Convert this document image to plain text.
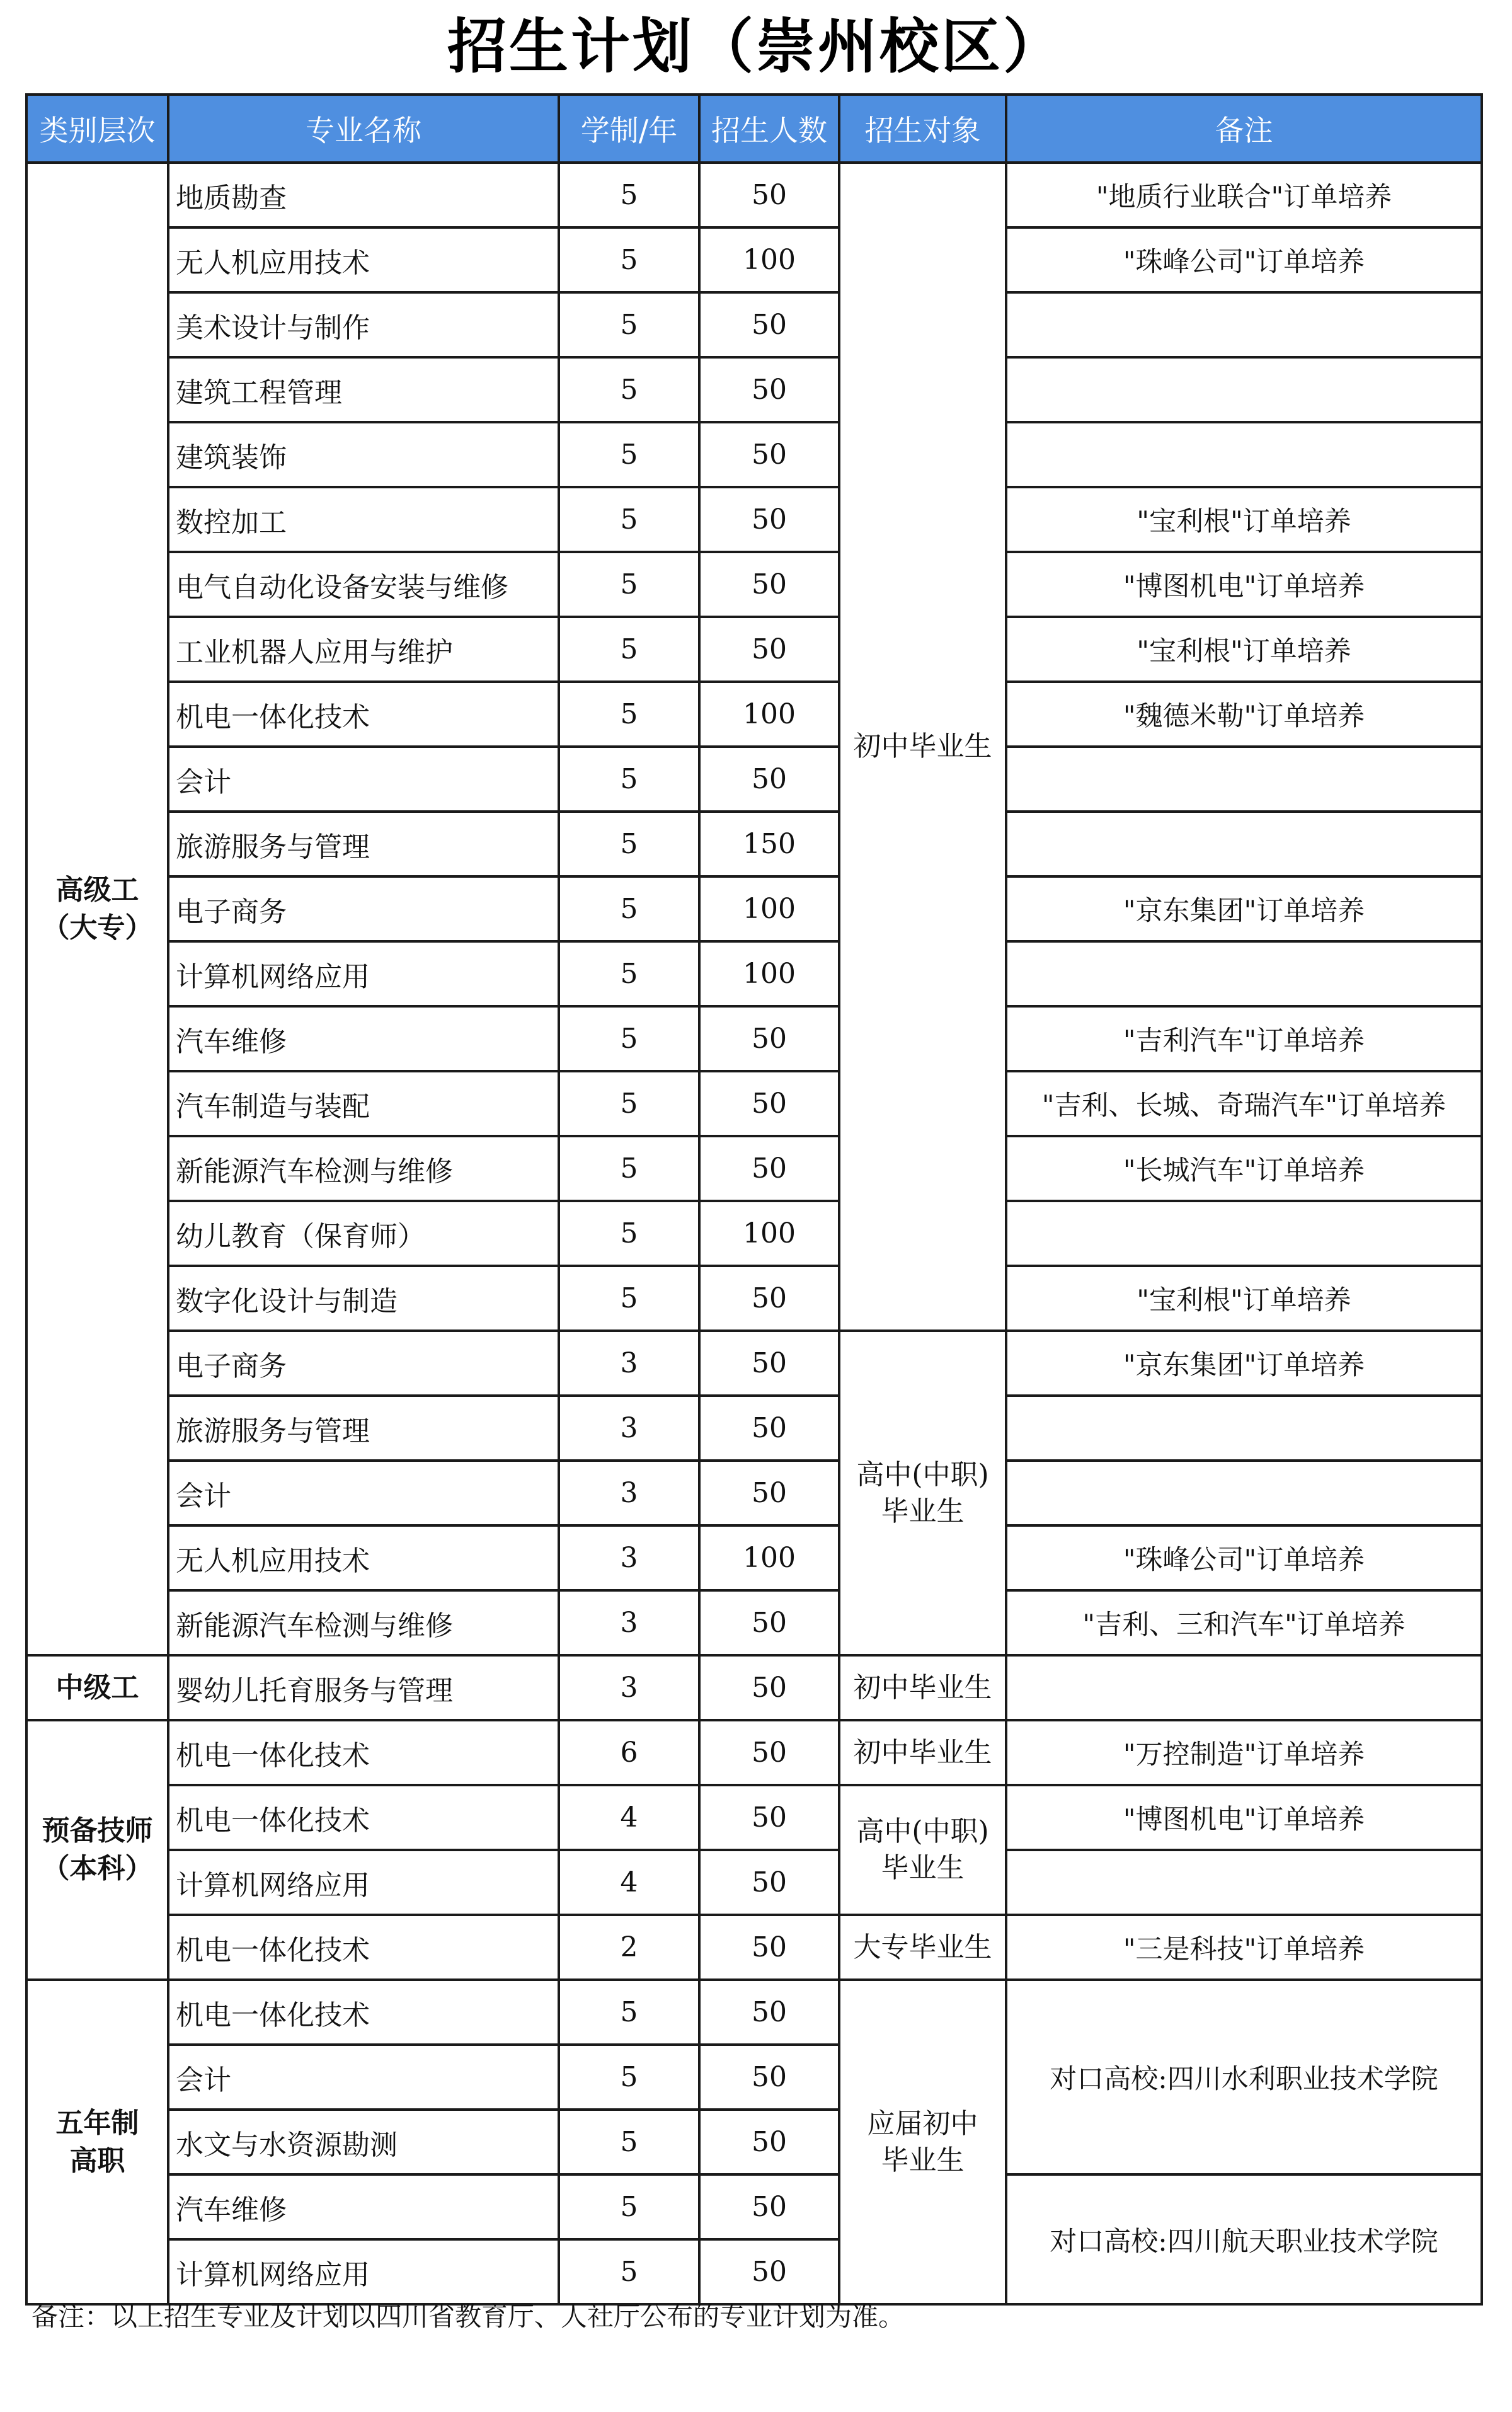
招生计划（崇州校区）
类别层次	专业名称	学制/年	招生人数	招生对象	备注
高级工
（大专）	地质勘查	5	50	初中毕业生	"地质行业联合"订单培养
	无人机应用技术	5	100		"珠峰公司"订单培养
	美术设计与制作	5	50		
	建筑工程管理	5	50		
	建筑装饰	5	50		
	数控加工	5	50		"宝利根"订单培养
	电气自动化设备安装与维修	5	50		"博图机电"订单培养
	工业机器人应用与维护	5	50		"宝利根"订单培养
	机电一体化技术	5	100		"魏德米勒"订单培养
	会计	5	50		
	旅游服务与管理	5	150		
	电子商务	5	100		"京东集团"订单培养
	计算机网络应用	5	100		
	汽车维修	5	50		"吉利汽车"订单培养
	汽车制造与装配	5	50		"吉利、长城、奇瑞汽车"订单培养
	新能源汽车检测与维修	5	50		"长城汽车"订单培养
	幼儿教育（保育师）	5	100		
	数字化设计与制造	5	50		"宝利根"订单培养
	电子商务	3	50	高中(中职)
毕业生	"京东集团"订单培养
	旅游服务与管理	3	50		
	会计	3	50		
	无人机应用技术	3	100		"珠峰公司"订单培养
	新能源汽车检测与维修	3	50		"吉利、三和汽车"订单培养
中级工	婴幼儿托育服务与管理	3	50	初中毕业生	
预备技师
（本科）	机电一体化技术	6	50	初中毕业生	"万控制造"订单培养
	机电一体化技术	4	50	高中(中职)
毕业生	"博图机电"订单培养
	计算机网络应用	4	50		
	机电一体化技术	2	50	大专毕业生	"三是科技"订单培养
五年制
高职	机电一体化技术	5	50	应届初中
毕业生	对口高校:四川水利职业技术学院
	会计	5	50		
	水文与水资源勘测	5	50		
	汽车维修	5	50		对口高校:四川航天职业技术学院
	计算机网络应用	5	50		
备注：以上招生专业及计划以四川省教育厅、人社厅公布的专业计划为准。
